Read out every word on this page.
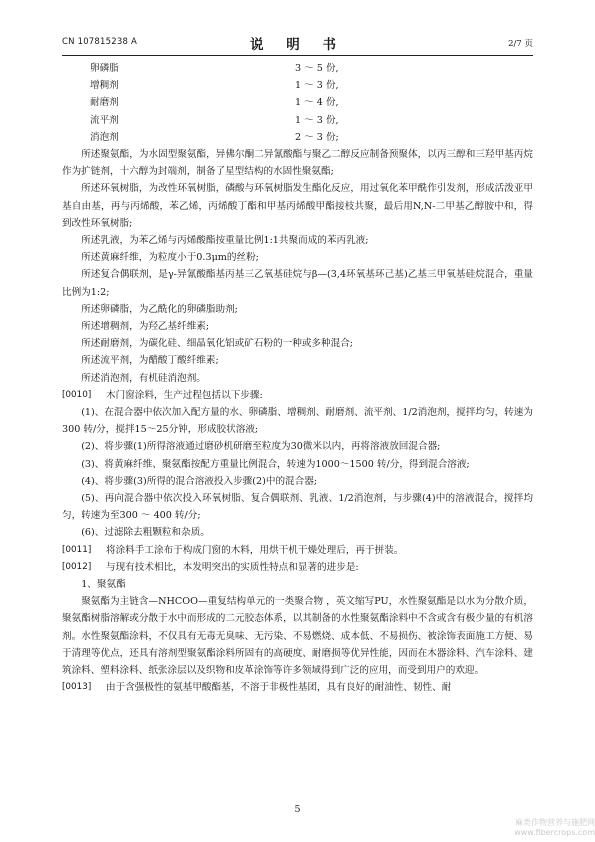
CN 107815238 A	说 明 书	2/7 页
卵磷脂	3 ～ 5 份,
增稠剂	1 ～ 3 份,
耐磨剂	1 ～ 4 份,
流平剂	1 ～ 3 份,
消泡剂	2 ～ 3 份;

所述聚氨酯，为水固型聚氨酯，异佛尔酮二异氰酸酯与聚乙二醇反应制备预聚体，以丙三醇和三羟甲基丙烷作为扩链剂，十六醇为封端剂，制备了星型结构的水固性聚氨酯;

所述环氧树脂，为改性环氧树脂，磷酸与环氧树脂发生酯化反应，用过氧化苯甲酰作引发剂，形成活泼亚甲基自由基，再与丙烯酸，苯乙烯，丙烯酸丁酯和甲基丙烯酸甲酯接枝共聚，最后用N,N-二甲基乙醇胺中和，得到改性环氧树脂;

所述乳液，为苯乙烯与丙烯酸酯按重量比例1:1共聚而成的苯丙乳液;

所述黄麻纤维，为粒度小于0.3μm的丝粉;

所述复合偶联剂，是γ-异氰酸酯基丙基三乙氧基硅烷与β—(3,4环氧基环己基)乙基三甲氧基硅烷混合，重量比例为1:2;

所述卵磷脂，为乙酰化的卵磷脂助剂;

所述增稠剂，为羟乙基纤维素;

所述耐磨剂，为碳化硅、细晶氧化铝或矿石粉的一种或多种混合;

所述流平剂，为醋酸丁酸纤维素;

所述消泡剂，有机硅消泡剂。

[0010] 木门窗涂料，生产过程包括以下步骤:

(1)、在混合器中依次加入配方量的水、卵磷脂、增稠剂、耐磨剂、流平剂、1/2消泡剂，搅拌均匀，转速为300 转/分，搅拌15～25分钟，形成胶状溶液;

(2)、将步骤(1)所得溶液通过磨砂机研磨至粒度为30微米以内，再将溶液放回混合器;

(3)、将黄麻纤维、聚氨酯按配方重量比例混合，转速为1000～1500 转/分，得到混合溶液;

(4)、将步骤(3)所得的混合溶液投入步骤(2)中的混合器;

(5)、再向混合器中依次投入环氧树脂、复合偶联剂、乳液、1/2消泡剂，与步骤(4)中的溶液混合，搅拌均匀，转速为至300 ～ 400 转/分;

(6)、过滤除去粗颗粒和杂质。

[0011] 将涂料手工涂布于构成门窗的木料，用烘干机干燥处理后，再于拼装。

[0012] 与现有技术相比，本发明突出的实质性特点和显著的进步是:

1、聚氨酯

聚氨酯为主链含—NHCOO—重复结构单元的一类聚合物 ，英文缩写PU，水性聚氨酯是以水为分散介质，聚氨酯树脂溶解或分散于水中而形成的二元胶态体系，以其制备的水性聚氨酯涂料中不含或含有极少量的有机溶剂。水性聚氨酯涂料，不仅具有无毒无臭味、无污染、不易燃烧、成本低、不易损伤、被涂饰表面施工方便、易于清理等优点，还具有溶剂型聚氨酯涂料所固有的高硬度、耐磨损等优异性能，因而在木器涂料、汽车涂料、建筑涂料、塑料涂料、纸张涂层以及织物和皮革涂饰等许多领域得到广泛的应用，而受到用户的欢迎。

[0013] 由于含强极性的氨基甲酸酯基，不溶于非极性基团，具有良好的耐油性、韧性、耐

5
麻类作物营养与施肥网
www.fibercrops.com
